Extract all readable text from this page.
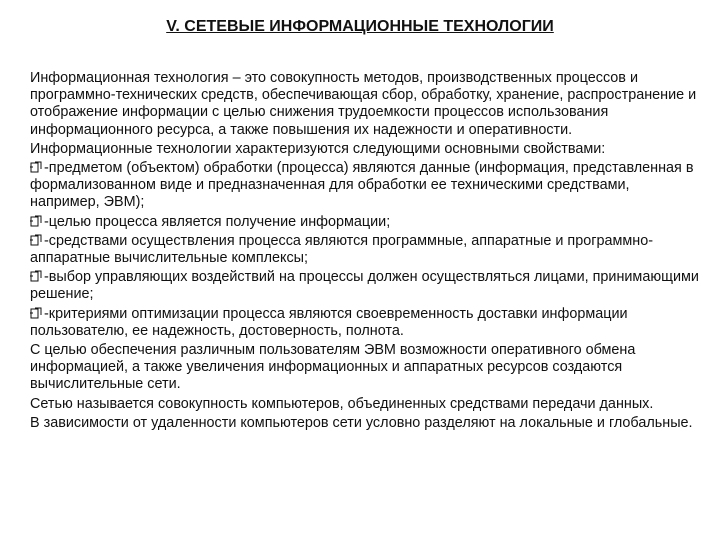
V. СЕТЕВЫЕ ИНФОРМАЦИОННЫЕ ТЕХНОЛОГИИ
Информационная технология – это совокупность методов, производственных процессов и программно-технических средств, обеспечивающая сбор, обработку, хранение, распространение и отображение информации с целью снижения трудоемкости процессов использования информационного ресурса, а также повышения их надежности и оперативности.
Информационные технологии характеризуются следующими основными свойствами:
-предметом (объектом) обработки (процесса) являются данные (информация, представленная в формализованном виде и предназначенная для обработки ее техническими средствами, например, ЭВМ);
-целью процесса является получение информации;
-средствами осуществления процесса являются программные, аппаратные и программно-аппаратные вычислительные комплексы;
-выбор управляющих воздействий на процессы должен осуществляться лицами, принимающими решение;
-критериями оптимизации процесса являются своевременность доставки информации пользователю, ее надежность, достоверность, полнота.
С целью обеспечения различным пользователям ЭВМ возможности оперативного обмена информацией, а также увеличения информационных и аппаратных ресурсов создаются вычислительные сети.
Сетью называется совокупность компьютеров, объединенных средствами передачи данных.
В зависимости от удаленности компьютеров сети условно разделяют на локальные и глобальные.
